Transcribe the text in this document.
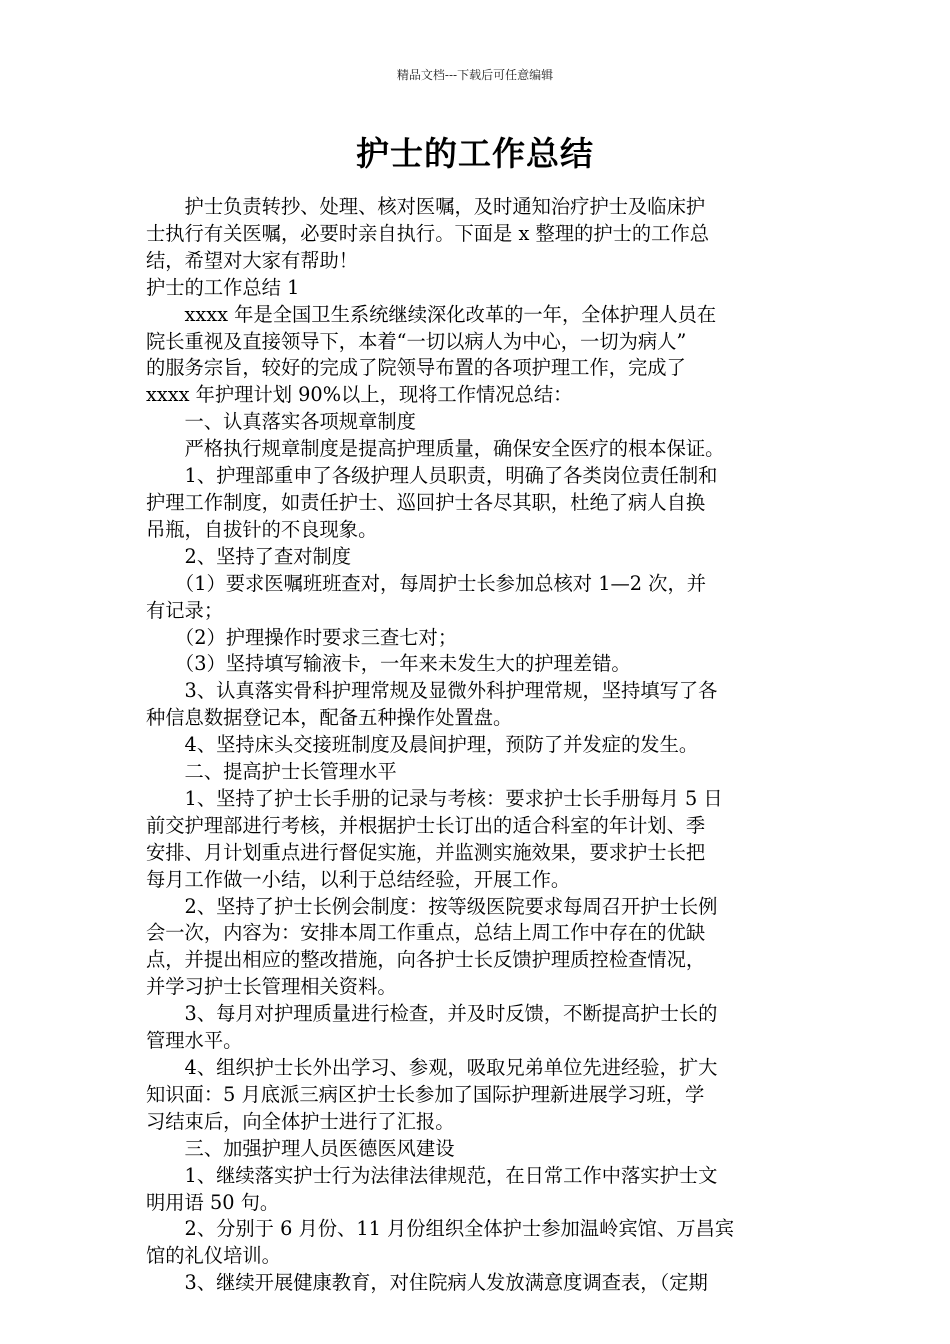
精品文档---下载后可任意编辑
护士的工作总结

　　护士负责转抄、处理、核对医嘱，及时通知治疗护士及临床护

士执行有关医嘱，必要时亲自执行。下面是 x 整理的护士的工作总

结，希望对大家有帮助！

护士的工作总结 1

　　xxxx 年是全国卫生系统继续深化改革的一年，全体护理人员在

院长重视及直接领导下，本着“一切以病人为中心，一切为病人”

的服务宗旨，较好的完成了院领导布置的各项护理工作，完成了

xxxx 年护理计划 90%以上，现将工作情况总结：

　　一、认真落实各项规章制度

　　严格执行规章制度是提高护理质量，确保安全医疗的根本保证。

　　1、护理部重申了各级护理人员职责，明确了各类岗位责任制和

护理工作制度，如责任护士、巡回护士各尽其职，杜绝了病人自换

吊瓶，自拔针的不良现象。

　　2、坚持了查对制度

　　（1）要求医嘱班班查对，每周护士长参加总核对 1—2 次，并

有记录；

　　（2）护理操作时要求三查七对；

　　（3）坚持填写输液卡，一年来未发生大的护理差错。

　　3、认真落实骨科护理常规及显微外科护理常规，坚持填写了各

种信息数据登记本，配备五种操作处置盘。

　　4、坚持床头交接班制度及晨间护理，预防了并发症的发生。

　　二、提高护士长管理水平

　　1、坚持了护士长手册的记录与考核：要求护士长手册每月 5 日

前交护理部进行考核，并根据护士长订出的适合科室的年计划、季

安排、月计划重点进行督促实施，并监测实施效果，要求护士长把

每月工作做一小结，以利于总结经验，开展工作。

　　2、坚持了护士长例会制度：按等级医院要求每周召开护士长例

会一次，内容为：安排本周工作重点，总结上周工作中存在的优缺

点，并提出相应的整改措施，向各护士长反馈护理质控检查情况，

并学习护士长管理相关资料。

　　3、每月对护理质量进行检查，并及时反馈，不断提高护士长的

管理水平。

　　4、组织护士长外出学习、参观，吸取兄弟单位先进经验，扩大

知识面：5 月底派三病区护士长参加了国际护理新进展学习班，学

习结束后，向全体护士进行了汇报。

　　三、加强护理人员医德医风建设

　　1、继续落实护士行为法律法律规范，在日常工作中落实护士文

明用语 50 句。

　　2、分别于 6 月份、11 月份组织全体护士参加温岭宾馆、万昌宾

馆的礼仪培训。

　　3、继续开展健康教育，对住院病人发放满意度调查表，（定期
